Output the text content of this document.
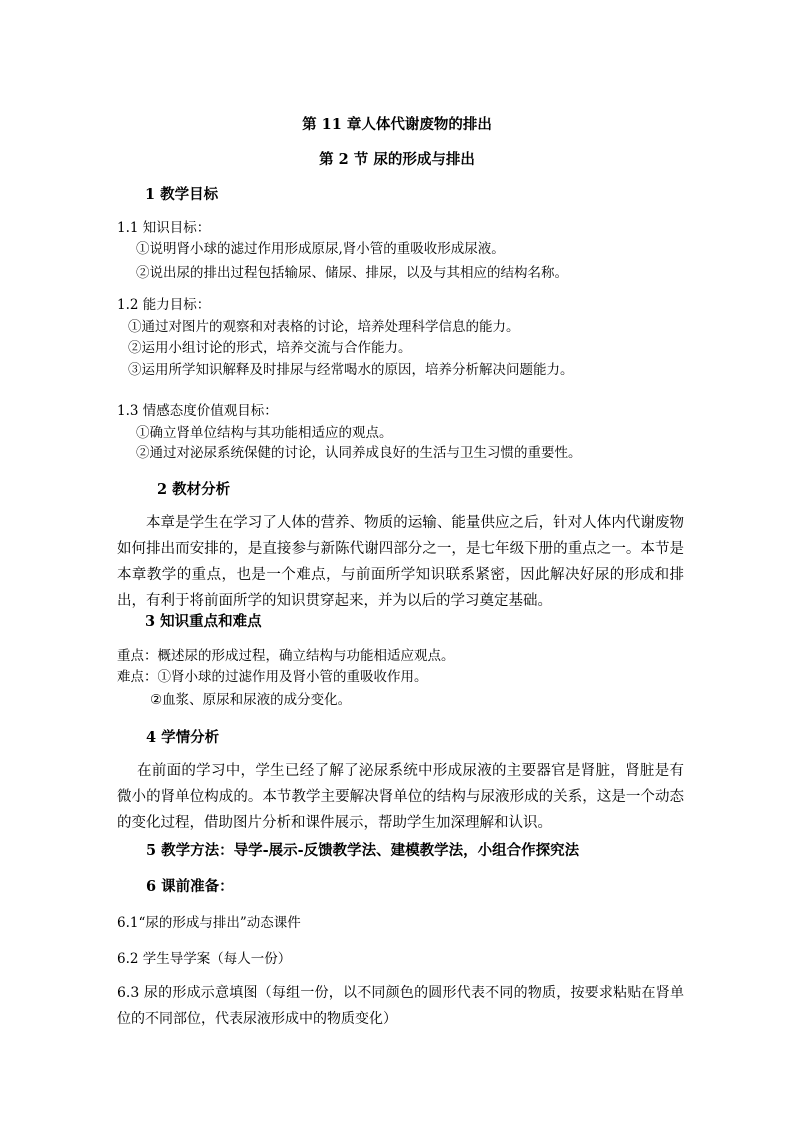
第 11 章人体代谢废物的排出
第 2 节 尿的形成与排出
1 教学目标
1.1 知识目标：
①说明肾小球的滤过作用形成原尿,肾小管的重吸收形成尿液。
②说出尿的排出过程包括输尿、储尿、排尿，以及与其相应的结构名称。
1.2 能力目标：
①通过对图片的观察和对表格的讨论，培养处理科学信息的能力。
②运用小组讨论的形式，培养交流与合作能力。
③运用所学知识解释及时排尿与经常喝水的原因，培养分析解决问题能力。
1.3 情感态度价值观目标：
①确立肾单位结构与其功能相适应的观点。
②通过对泌尿系统保健的讨论，认同养成良好的生活与卫生习惯的重要性。
2 教材分析
本章是学生在学习了人体的营养、物质的运输、能量供应之后，针对人体内代谢废物如何排出而安排的，是直接参与新陈代谢四部分之一，是七年级下册的重点之一。本节是本章教学的重点，也是一个难点，与前面所学知识联系紧密，因此解决好尿的形成和排出，有利于将前面所学的知识贯穿起来，并为以后的学习奠定基础。
3 知识重点和难点
重点：概述尿的形成过程，确立结构与功能相适应观点。
难点：①肾小球的过滤作用及肾小管的重吸收作用。
②血浆、原尿和尿液的成分变化。
4 学情分析
在前面的学习中，学生已经了解了泌尿系统中形成尿液的主要器官是肾脏，肾脏是有微小的肾单位构成的。本节教学主要解决肾单位的结构与尿液形成的关系，这是一个动态的变化过程，借助图片分析和课件展示，帮助学生加深理解和认识。
5 教学方法：导学-展示-反馈教学法、建模教学法，小组合作探究法
6 课前准备：
6.1“尿的形成与排出”动态课件
6.2 学生导学案（每人一份）
6.3 尿的形成示意填图（每组一份，以不同颜色的圆形代表不同的物质，按要求粘贴在肾单位的不同部位，代表尿液形成中的物质变化）
